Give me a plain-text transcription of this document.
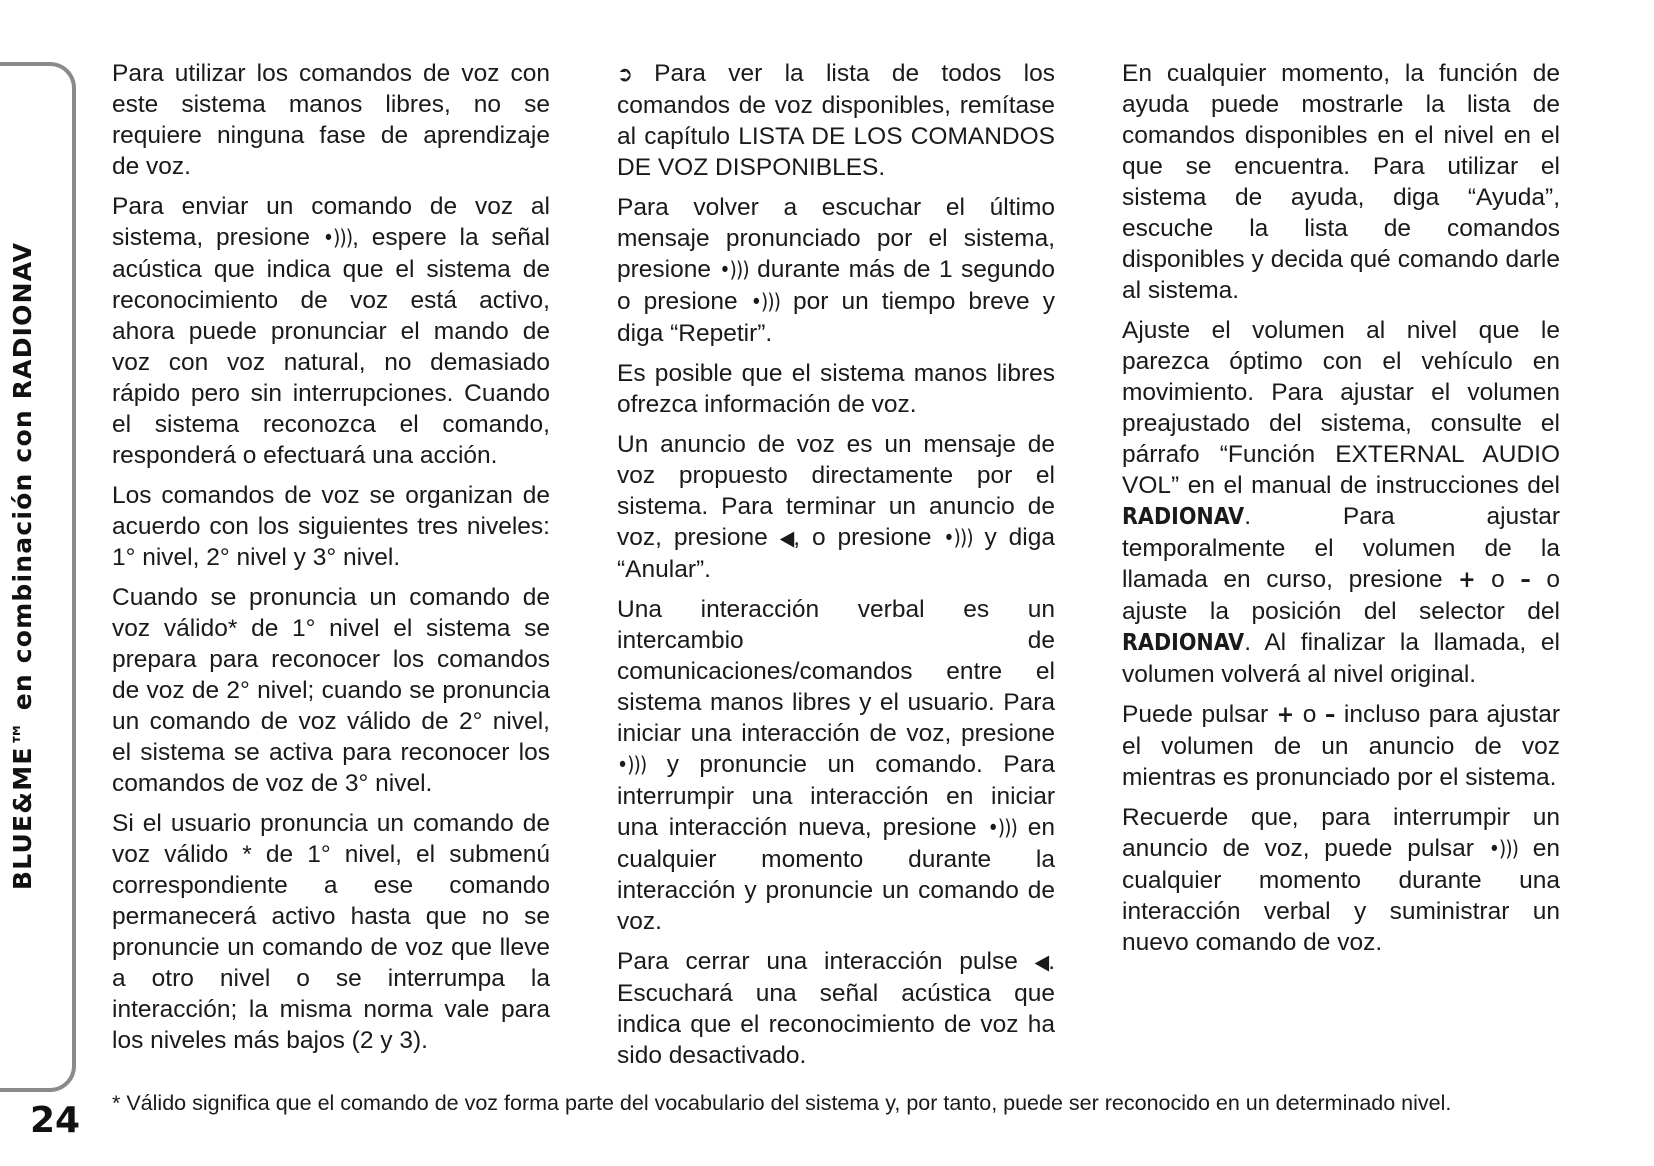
BLUE&ME™ en combinación con RADIONAV
24

Para utilizar los comandos de voz con este sistema manos libres, no se requiere ninguna fase de aprendizaje de voz.

Para enviar un comando de voz al sistema, presione •))), espere la señal acústica que indica que el sistema de reconocimiento de voz está activo, ahora puede pronunciar el mando de voz con voz natural, no demasiado rápido pero sin interrupciones. Cuando el sistema reconozca el comando, responderá o efectuará una acción.

Los comandos de voz se organizan de acuerdo con los siguientes tres niveles: 1° nivel, 2° nivel y 3° nivel.

Cuando se pronuncia un comando de voz válido* de 1° nivel el sistema se prepara para reconocer los comandos de voz de 2° nivel; cuando se pronuncia un comando de voz válido de 2° nivel, el sistema se activa para reconocer los comandos de voz de 3° nivel.

Si el usuario pronuncia un comando de voz válido * de 1° nivel, el submenú correspondiente a ese comando permanecerá activo hasta que no se pronuncie un comando de voz que lleve a otro nivel o se interrumpa la interacción; la misma norma vale para los niveles más bajos (2 y 3).

➲ Para ver la lista de todos los comandos de voz disponibles, remítase al capítulo LISTA DE LOS COMANDOS DE VOZ DISPONIBLES.

Para volver a escuchar el último mensaje pronunciado por el sistema, presione •))) durante más de 1 segundo o presione •))) por un tiempo breve y diga “Repetir”.

Es posible que el sistema manos libres ofrezca información de voz.

Un anuncio de voz es un mensaje de voz propuesto directamente por el sistema. Para terminar un anuncio de voz, presione ◀, o presione •))) y diga “Anular”.

Una interacción verbal es un intercambio de comunicaciones/comandos entre el sistema manos libres y el usuario. Para iniciar una interacción de voz, presione •))) y pronuncie un comando. Para interrumpir una interacción en iniciar una interacción nueva, presione •))) en cualquier momento durante la interacción y pronuncie un comando de voz.

Para cerrar una interacción pulse ◀. Escuchará una señal acústica que indica que el reconocimiento de voz ha sido desactivado.

En cualquier momento, la función de ayuda puede mostrarle la lista de comandos disponibles en el nivel en el que se encuentra. Para utilizar el sistema de ayuda, diga “Ayuda”, escuche la lista de comandos disponibles y decida qué comando darle al sistema.

Ajuste el volumen al nivel que le parezca óptimo con el vehículo en movimiento. Para ajustar el volumen preajustado del sistema, consulte el párrafo “Función EXTERNAL AUDIO VOL” en el manual de instrucciones del RADIONAV. Para ajustar temporalmente el volumen de la llamada en curso, presione + o – o ajuste la posición del selector del RADIONAV. Al finalizar la llamada, el volumen volverá al nivel original.

Puede pulsar + o – incluso para ajustar el volumen de un anuncio de voz mientras es pronunciado por el sistema.

Recuerde que, para interrumpir un anuncio de voz, puede pulsar •))) en cualquier momento durante una interacción verbal y suministrar un nuevo comando de voz.

* Válido significa que el comando de voz forma parte del vocabulario del sistema y, por tanto, puede ser reconocido en un determinado nivel.
